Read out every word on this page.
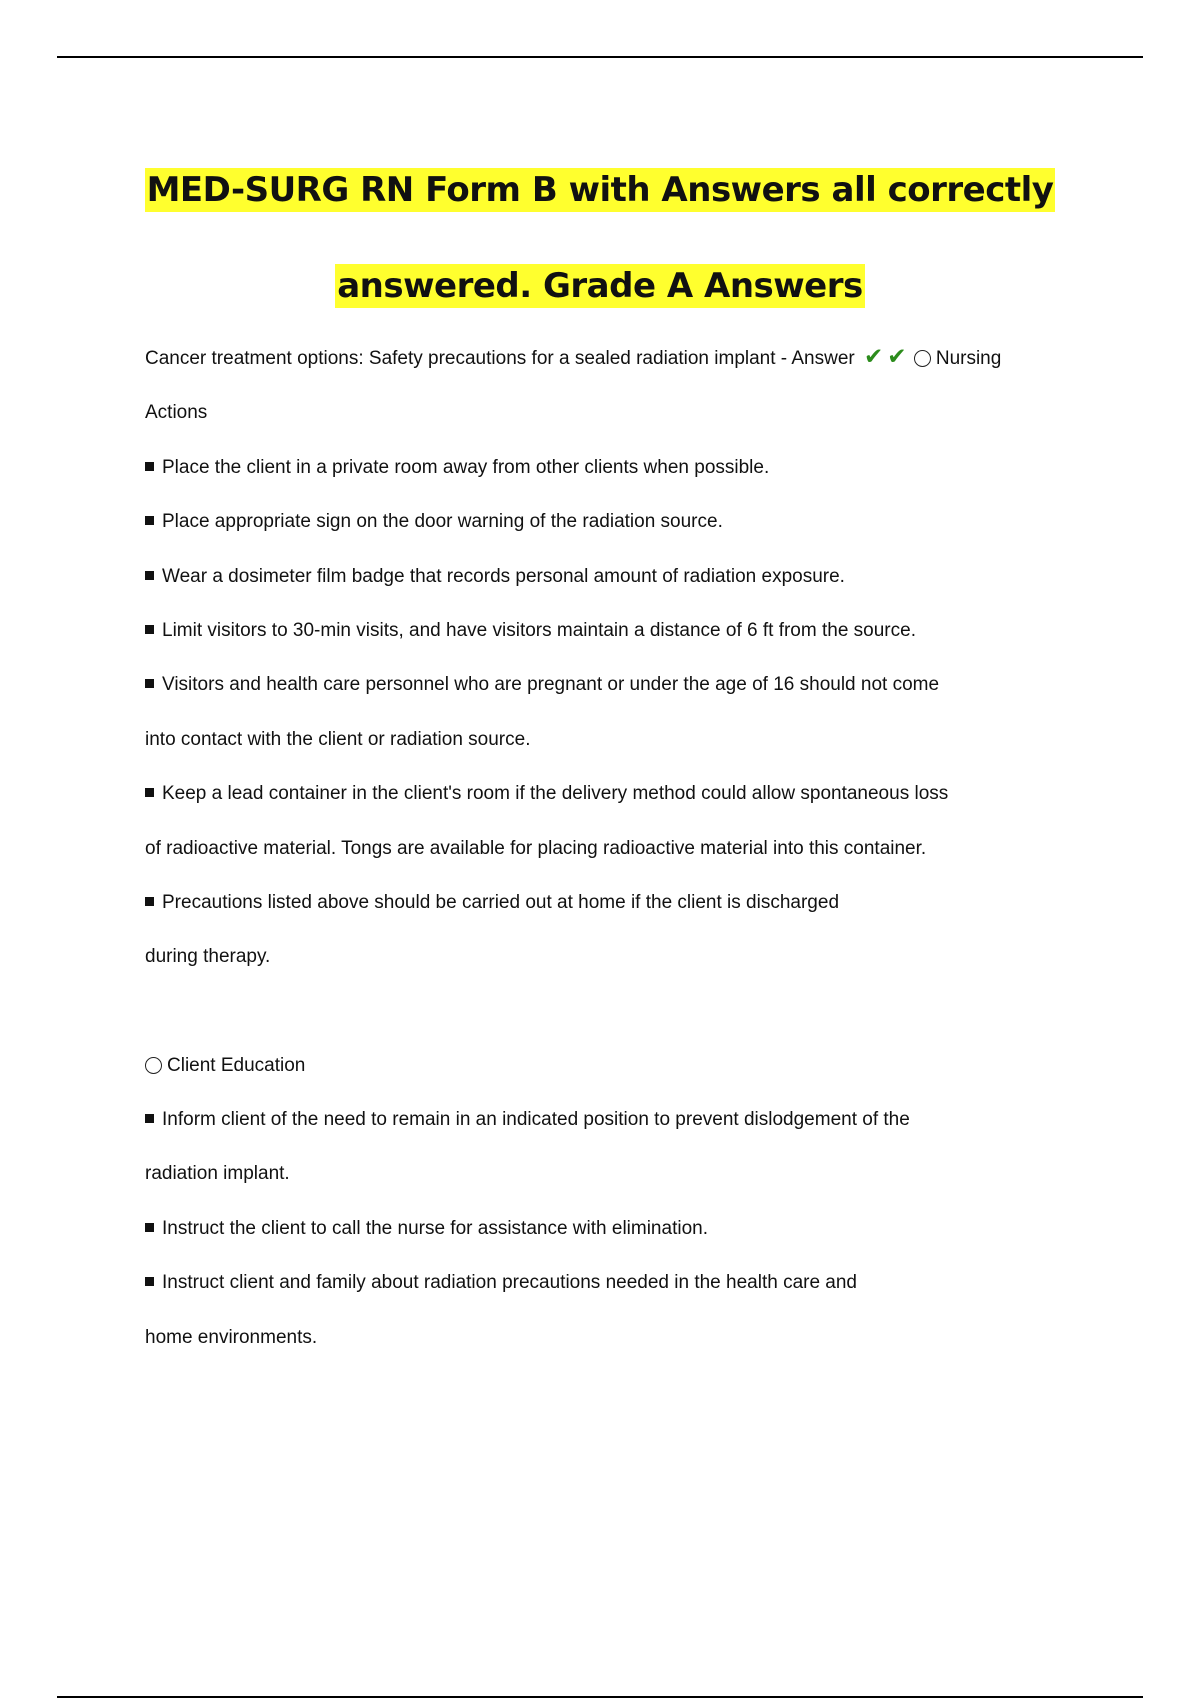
MED-SURG RN Form B with Answers all correctly
answered. Grade A Answers
Cancer treatment options: Safety precautions for a sealed radiation implant - Answer ✔ ✔ Nursing
Actions
Place the client in a private room away from other clients when possible.
Place appropriate sign on the door warning of the radiation source.
Wear a dosimeter film badge that records personal amount of radiation exposure.
Limit visitors to 30-min visits, and have visitors maintain a distance of 6 ft from the source.
Visitors and health care personnel who are pregnant or under the age of 16 should not come
into contact with the client or radiation source.
Keep a lead container in the client's room if the delivery method could allow spontaneous loss
of radioactive material. Tongs are available for placing radioactive material into this container.
Precautions listed above should be carried out at home if the client is discharged
during therapy.
Client Education
Inform client of the need to remain in an indicated position to prevent dislodgement of the
radiation implant.
Instruct the client to call the nurse for assistance with elimination.
Instruct client and family about radiation precautions needed in the health care and
home environments.
